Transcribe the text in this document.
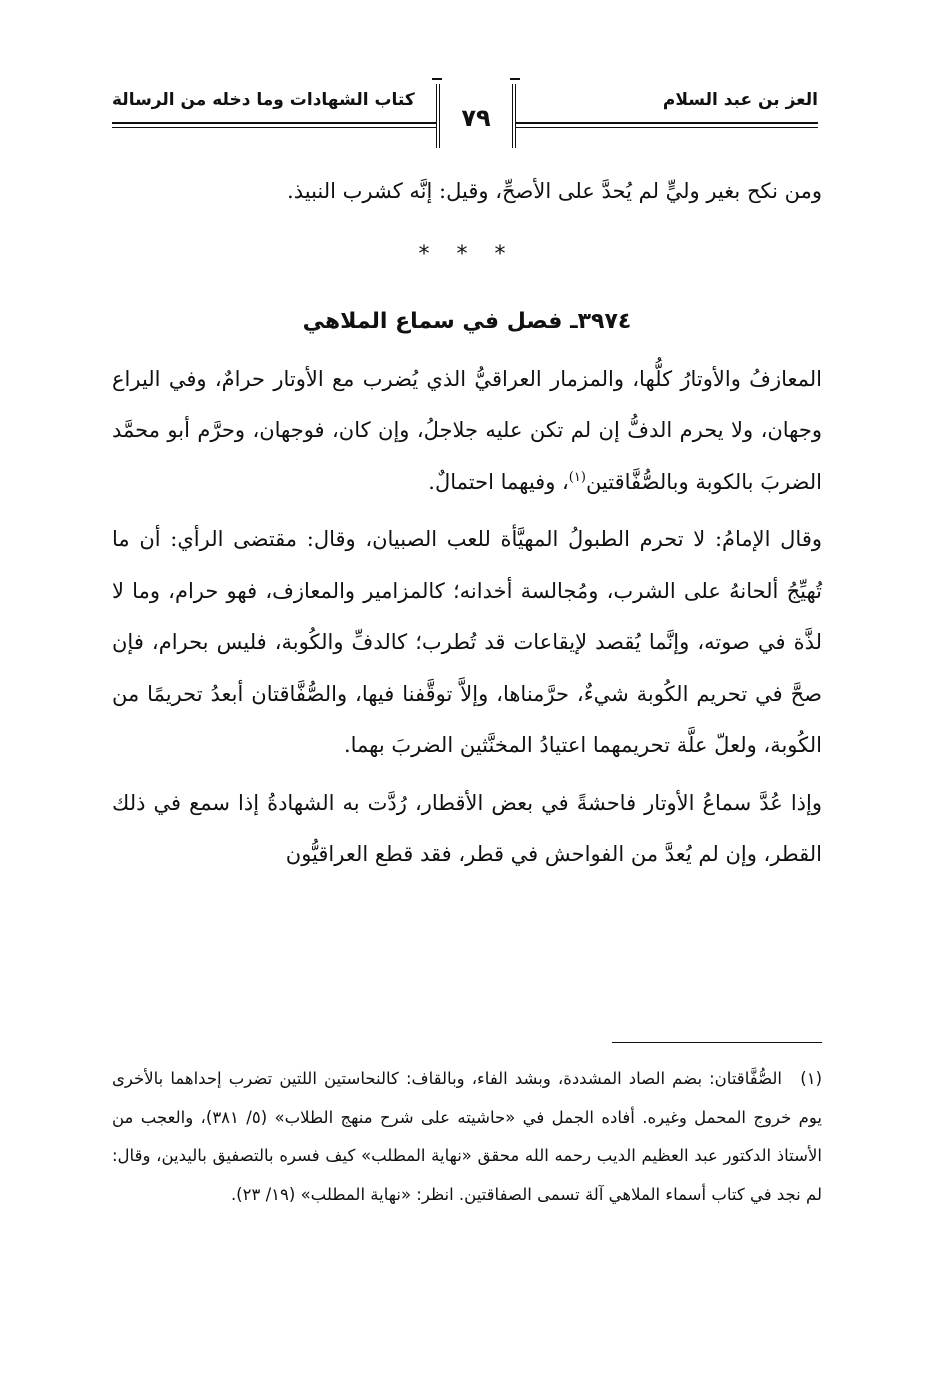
العز بن عبد السلام
كتاب الشهادات وما دخله من الرسالة
٧٩

ومن نكح بغير وليٍّ لم يُحدَّ على الأصحِّ، وقيل: إنَّه كشرب النبيذ.

* * *
٣٩٧٤ـ فصل في سماع الملاهي

المعازفُ والأوتارُ كلُّها، والمزمار العراقيُّ الذي يُضرب مع الأوتار حرامٌ، وفي اليراع وجهان، ولا يحرم الدفُّ إن لم تكن عليه جلاجلُ، وإن كان، فوجهان، وحرَّم أبو محمَّد الضربَ بالكوبة وبالصُّفَّاقتين$^{(١)}$، وفيهما احتمالٌ.

وقال الإمامُ: لا تحرم الطبولُ المهيَّأة للعب الصبيان، وقال: مقتضى الرأي: أن ما تُهيِّجُ ألحانهُ على الشرب، ومُجالسة أخدانه؛ كالمزامير والمعازف، فهو حرام، وما لا لذَّة في صوته، وإنَّما يُقصد لإيقاعات قد تُطرب؛ كالدفِّ والكُوبة، فليس بحرام، فإن صحَّ في تحريم الكُوبة شيءٌ، حرَّمناها، وإلاَّ توقَّفنا فيها، والصُّفَّاقتان أبعدُ تحريمًا من الكُوبة، ولعلّ علَّة تحريمهما اعتيادُ المخنَّثين الضربَ بهما.

وإذا عُدَّ سماعُ الأوتار فاحشةً في بعض الأقطار، رُدَّت به الشهادةُ إذا سمع في ذلك القطر، وإن لم يُعدَّ من الفواحش في قطر، فقد قطع العراقيُّون

(١)الصُّفَّاقتان: بضم الصاد المشددة، وبشد الفاء، وبالقاف: كالنحاستين اللتين تضرب إحداهما بالأخرى يوم خروج المحمل وغيره. أفاده الجمل في «حاشيته على شرح منهج الطلاب» (٥/ ٣٨١)، والعجب من الأستاذ الدكتور عبد العظيم الديب رحمه الله محقق «نهاية المطلب» كيف فسره بالتصفيق باليدين، وقال: لم نجد في كتاب أسماء الملاهي آلة تسمى الصفاقتين. انظر: «نهاية المطلب» (١٩/ ٢٣).
